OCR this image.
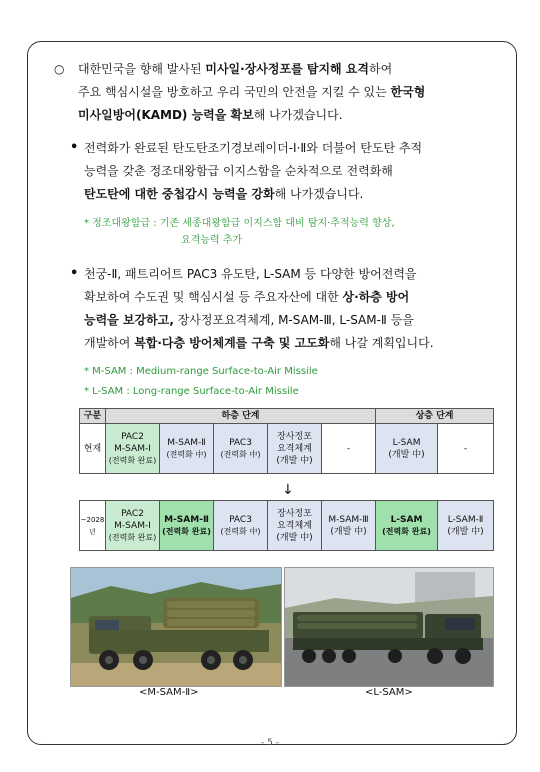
○ 대한민국을 향해 발사된 미사일·장사정포를 탐지해 요격하여
주요 핵심시설을 방호하고 우리 국민의 안전을 지킬 수 있는 한국형
미사일방어(KAMD) 능력을 확보해 나가겠습니다.
• 전력화가 완료된 탄도탄조기경보레이더-Ⅰ·Ⅱ와 더불어 탄도탄 추적
능력을 갖춘 정조대왕함급 이지스함을 순차적으로 전력화해
탄도탄에 대한 중첩감시 능력을 강화해 나가겠습니다.
* 정조대왕함급 : 기존 세종대왕함급 이지스함 대비 탐지·추적능력 향상,
요격능력 추가
• 천궁-Ⅱ, 패트리어트 PAC3 유도탄, L-SAM 등 다양한 방어전력을
확보하여 수도권 및 핵심시설 등 주요자산에 대한 상·하층 방어
능력을 보강하고, 장사정포요격체계, M-SAM-Ⅲ, L-SAM-Ⅱ 등을
개발하여 복합·다층 방어체계를 구축 및 고도화해 나갈 계획입니다.
* M-SAM : Medium-range Surface-to-Air Missile
* L-SAM : Long-range Surface-to-Air Missile
구분	하층 단계					상층 단계	
현재	PAC2
M-SAM-Ⅰ
(전력화 완료)	M-SAM-Ⅱ
(전력화 中)	PAC3
(전력화 中)	장사정포
요격체계
(개발 中)	-	L-SAM
(개발 中)	-
↓
~2028년	PAC2
M-SAM-Ⅰ
(전력화 완료)	M-SAM-Ⅱ
(전력화 완료)	PAC3
(전력화 中)	장사정포
요격체계
(개발 中)	M-SAM-Ⅲ
(개발 中)	L-SAM
(전력화 완료)	L-SAM-Ⅱ
(개발 中)
<M-SAM-Ⅱ>	<L-SAM>
- 5 -
